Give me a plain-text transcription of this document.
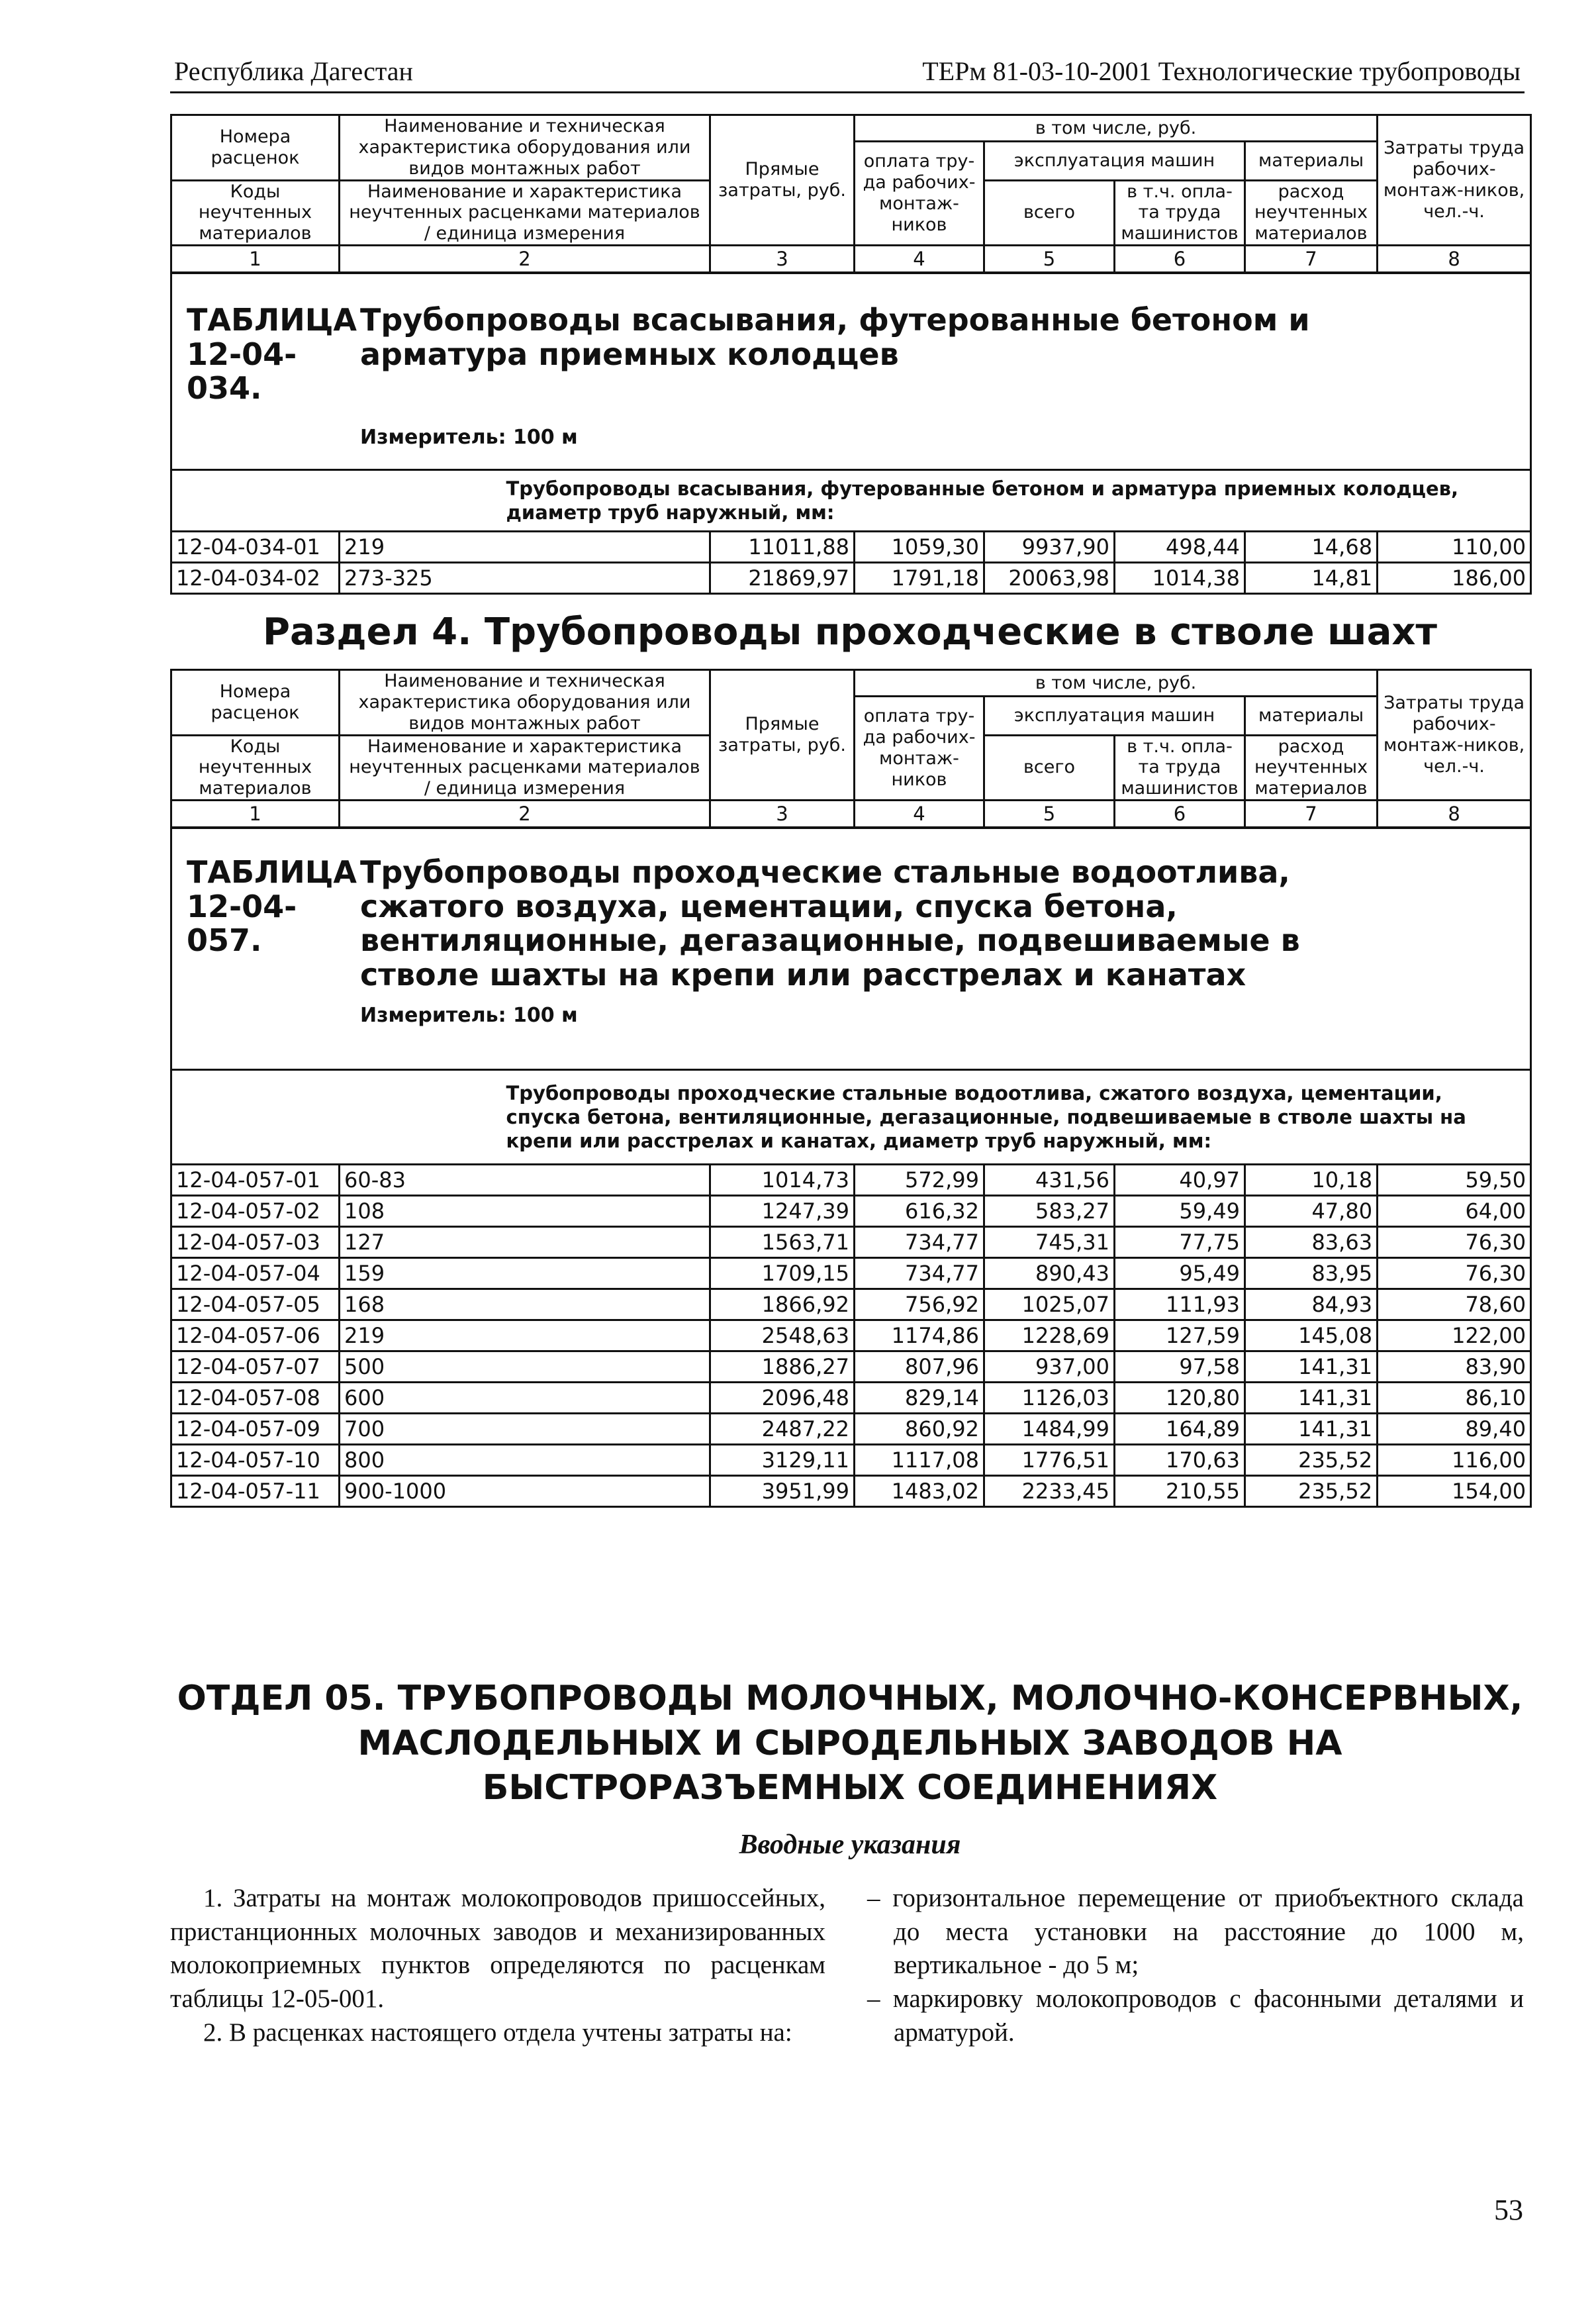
Республика Дагестан	ТЕРм 81-03-10-2001 Технологические трубопроводы
Номера расценок	Наименование и техническая характеристика оборудования или видов монтажных работ	Прямые затраты, руб.	в том числе, руб.				Затраты труда рабочих-монтаж-ников, чел.-ч.
			оплата тру-да рабочих-монтаж-ников	эксплуатация машин		материалы	
Коды неучтенных материалов	Наименование и характеристика неучтенных расценками материалов / единица измерения			всего	в т.ч. опла-та труда машинистов	расход неучтенных материалов	

1	2	3	4	5	6	7	8

ТАБЛИЦА 12-04-034.Трубопроводы всасывания, футерованные бетоном и арматура приемных колодцев
Измеритель: 100 м							

	Трубопроводы всасывания, футерованные бетоном и арматура приемных колодцев, диаметр труб наружный, мм:						
12-04-034-01	219	11011,88	1059,30	9937,90	498,44	14,68	110,00
12-04-034-02	273-325	21869,97	1791,18	20063,98	1014,38	14,81	186,00
Раздел 4. Трубопроводы проходческие в стволе шахт
Номера расценок	Наименование и техническая характеристика оборудования или видов монтажных работ	Прямые затраты, руб.	в том числе, руб.				Затраты труда рабочих-монтаж-ников, чел.-ч.
			оплата тру-да рабочих-монтаж-ников	эксплуатация машин		материалы	
Коды неучтенных материалов	Наименование и характеристика неучтенных расценками материалов / единица измерения			всего	в т.ч. опла-та труда машинистов	расход неучтенных материалов	

1	2	3	4	5	6	7	8

ТАБЛИЦА 12-04-057.Трубопроводы проходческие стальные водоотлива, сжатого воздуха, цементации, спуска бетона, вентиляционные, дегазационные, подвешиваемые в стволе шахты на крепи или расстрелах и канатах
Измеритель: 100 м							

	Трубопроводы проходческие стальные водоотлива, сжатого воздуха, цементации, спуска бетона, вентиляционные, дегазационные, подвешиваемые в стволе шахты на крепи или расстрелах и канатах, диаметр труб наружный, мм:						
12-04-057-01	60-83	1014,73	572,99	431,56	40,97	10,18	59,50
12-04-057-02	108	1247,39	616,32	583,27	59,49	47,80	64,00
12-04-057-03	127	1563,71	734,77	745,31	77,75	83,63	76,30
12-04-057-04	159	1709,15	734,77	890,43	95,49	83,95	76,30
12-04-057-05	168	1866,92	756,92	1025,07	111,93	84,93	78,60
12-04-057-06	219	2548,63	1174,86	1228,69	127,59	145,08	122,00
12-04-057-07	500	1886,27	807,96	937,00	97,58	141,31	83,90
12-04-057-08	600	2096,48	829,14	1126,03	120,80	141,31	86,10
12-04-057-09	700	2487,22	860,92	1484,99	164,89	141,31	89,40
12-04-057-10	800	3129,11	1117,08	1776,51	170,63	235,52	116,00
12-04-057-11	900-1000	3951,99	1483,02	2233,45	210,55	235,52	154,00
ОТДЕЛ 05. ТРУБОПРОВОДЫ МОЛОЧНЫХ, МОЛОЧНО-КОНСЕРВНЫХ,
МАСЛОДЕЛЬНЫХ И СЫРОДЕЛЬНЫХ ЗАВОДОВ НА
БЫСТРОРАЗЪЕМНЫХ СОЕДИНЕНИЯХ
Вводные указания

1. Затраты на монтаж молокопроводов пришоссейных, пристанционных молочных заводов и механизированных молокоприемных пунктов определяются по расценкам таблицы 12-05-001.

2. В расценках настоящего отдела учтены затраты на:

– горизонтальное перемещение от приобъектного склада до места установки на расстояние до 1000 м, вертикальное - до 5 м;

– маркировку молокопроводов с фасонными деталями и арматурой.

53
